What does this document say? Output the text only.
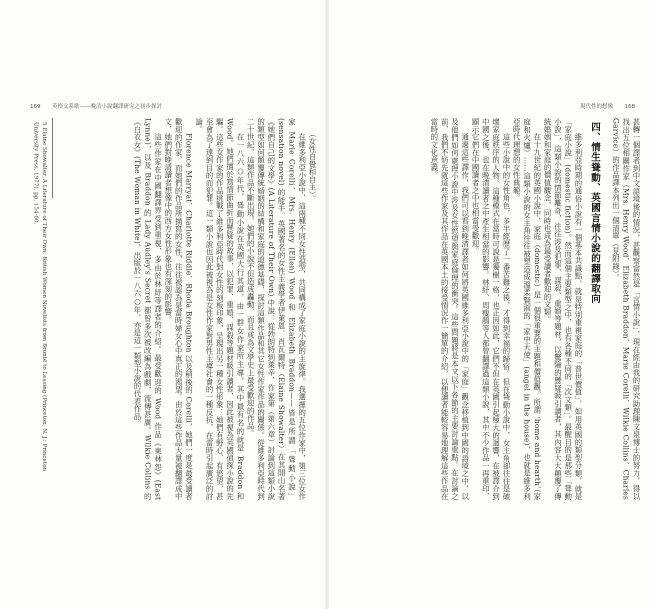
169 英格文系歌——晚清小說翻譯研究之初步探討

（女性自覺和自主）。

在維多利亞小說中，這兩種不同女性造型，共同構成了家庭小說的主旋律。我選擇的五位作家中，第三位女作家 Marie Corelli、Mrs. Henry (Ellen) Wood 和 Elizabeth Braddon——皆是所謂「聳動小說」(sensation novel) 的能手。英國著名的女性主義學者伊萊恩．肖瓦爾特（Elaine Showalter）在其開山名著《她們自己的文學》(A Literature of Their Own) 中說：從勃朗特到萊辛，作家第（第六章）討論到這類小說的類型如何顛覆傳統婚姻的結構和家庭的道德基礎，探討這類作品和其它女性作家作品的關係。從維多利亞時代到二十世紀，這類作品不斷出現，她們的小說不但造成轟動，而且成為文學史上最受歡迎的作品。

在一八六○年代，聳動小說在英國大行其道，由一群女作家所主導，其中最有名的就是 Braddon 和 Wood。她們擅於寫情節曲折而懸疑的故事，以犯罪、重婚、謀殺等題材吸引讀者，因此被視為英國偵探小說的先驅。這些女作家的作品挑戰了維多利亞時代對女性的刻板印象，呈現出另一種女性形象：她們有野心、有慾望，甚至會為了達到目的而犯罪。這一類小說也因此被視為是女性作家對男性主導社會的一種反抗，在當時引起廣泛的討論。

Florence Marryat、Charlotte Riddle、Rhoda Broughton 以及稍後的 Corelli，她們一度是最受讀者歡迎的作家，而她們的作品所描寫的女性，往往被認為是當時婦女心中真正的渴望。由於這些作品大量被翻譯成中文，她們對晚清讀者想像中的西方女性形象也有深刻的影響。

這些作家在中國翻譯界受到重視，多由於林紓等譯者的介紹。最受歡迎的 Wood 作品《東林怨》(East Lynne)，以及 Braddon 的 Lady Audley's Secret 都曾多次被改編為戲劇，流傳甚廣。Wilkie Collins 的《白衣女》(The Woman in White)，出版於一八六○年，亦是這一類型小說的代表作品。

5 Elaine Showalter, A Literature of Their Own: British Women Novelists from Brontë to Lessing (Princeton, N. J.: Princeton University Press, 1977), pp. 154-60.
現代性的想像 168

甚轉一個譯者到中文語境後的情況，甚觀察當然是「言情小說」，現在經由我的研究助理陳文泉博士的努力，得以找出五位相關作家（Mrs. Henry Wood、Elizabeth Braddon、Marie Corelli、Wilkie Collins、Charles Garvice）的作品譯本列出一個清單（見附錄）。

四、情生聳動、英國言情小說的翻譯取向

維多利亞時期的通俗小說有一個基本共識點，就是特別重視家庭的「普世價值」，如用英國的類型分類，就是「家庭小說」(domestic fiction)。然而這個主要類型之中，也有各種不同的「次文類」。最醒目的是那些「聳動小說」，這類小說的情節離奇，往往涉及犯罪、謀殺、重婚等題材，以驚險的懸疑吸引讀者，其內容大大顛覆了傳統婚姻和家庭的價值觀念，同時也成為最受讀者歡迎的文類。

在十九世紀的英國小說中，家庭（domestic）是一個很重要的主題和價值觀。所謂 ‘home and hearth’（家庭和火爐）……這類小說的女主角往往被塑造成溫柔賢淑的「家中天使」(angel in the house)，也就是維多利亞時代理想的女性典範。

這些小說中的女性角色，多半經歷了一番苦難之後，才得到幸福的歸宿。但在聳動小說中，女主角卻往往是破壞家庭秩序的人物。這種模式在當時可說是獨樹一格，也正因如此，它們不但在英國引起極大的迴響，在被譯介到中國之後，也在晚清讀者之中產生相當的影響。林紓、周瘦鵑等人都曾翻譯過這類小說，其中不少作品一再重印，顯示它們在中國讀者之中也相當受歡迎。

通過這些譯作，我們可以看到晚清譯者如何將英國維多利亞小說中的「家庭」觀念移植到中國的語境之中，以及他們如何處理小說中涉及女性慾望與家庭倫理的衝突。這些問題將是本文以下各節的主要討論重點。在討論之前，我們不妨先就這些作家及其作品在英國本土的接受情況作一簡單的介紹，以便讀者能較容易地理解這些作品在當時的文化意義。
